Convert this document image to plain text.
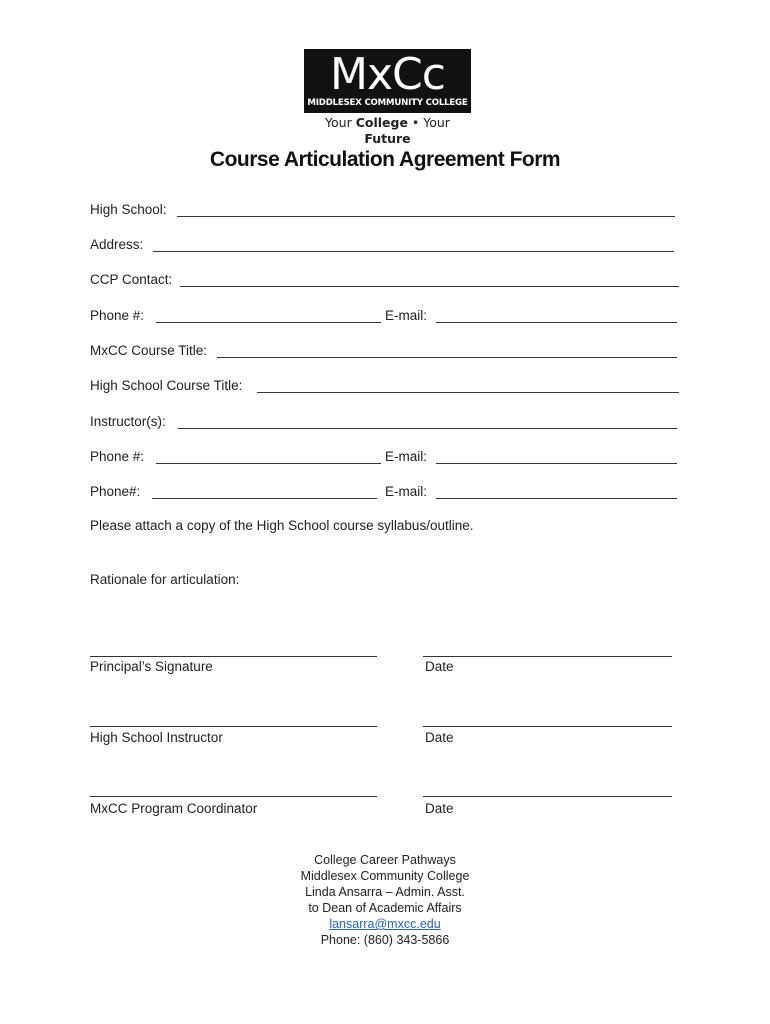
MxCc
MIDDLESEX COMMUNITY COLLEGE
Your College • Your Future
Course Articulation Agreement Form
High School:
Address:
CCP Contact:
Phone #:	E-mail:
MxCC Course Title:
High School Course Title:
Instructor(s):
Phone #:	E-mail:
Phone#:	E-mail:
Please attach a copy of the High School course syllabus/outline.
Rationale for articulation:
Principal’s Signature	Date
High School Instructor	Date
MxCC Program Coordinator	Date
College Career Pathways
Middlesex Community College
Linda Ansarra – Admin. Asst.
to Dean of Academic Affairs
lansarra@mxcc.edu
Phone: (860) 343-5866
